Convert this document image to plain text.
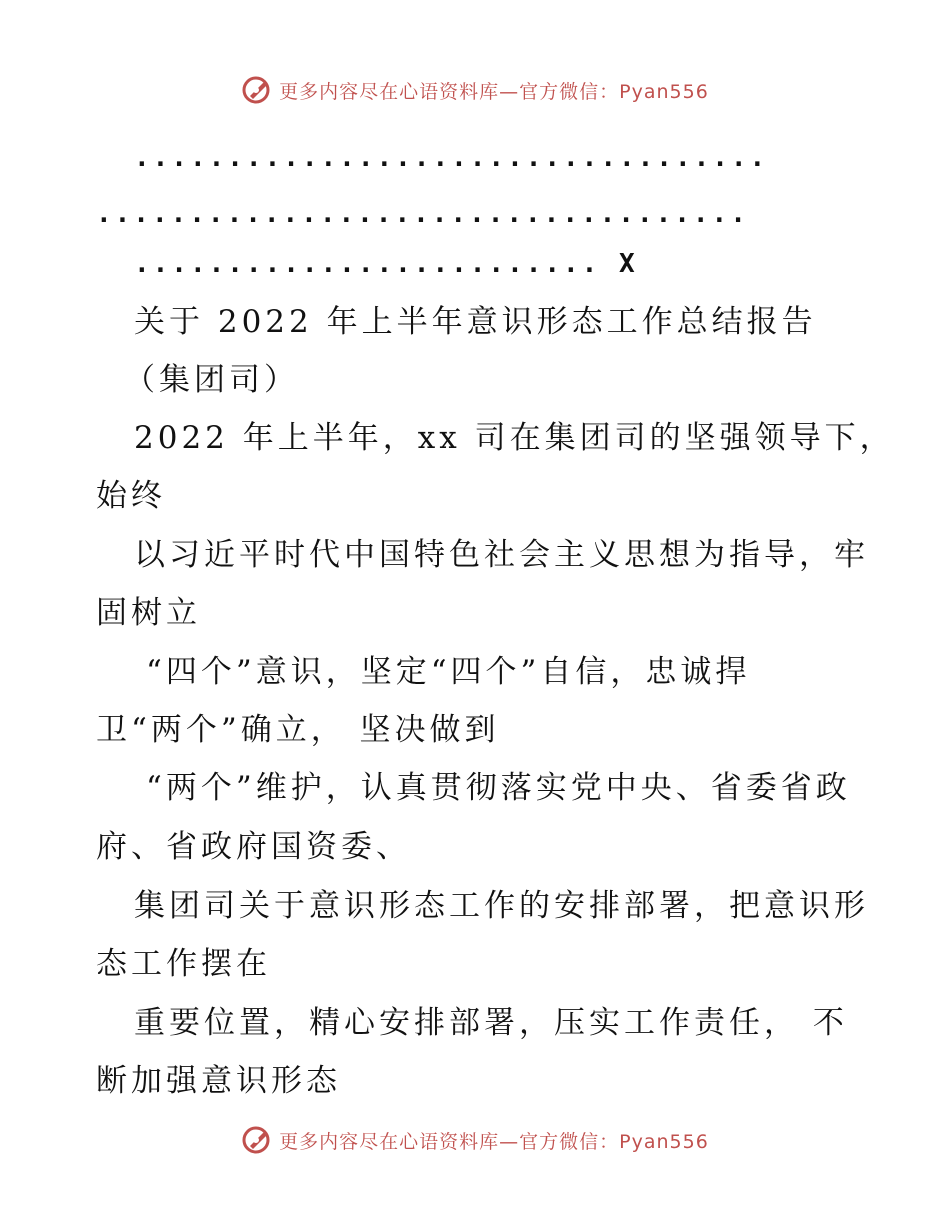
更多内容尽在心语资料库—官方微信：Pyan556
..................................
...................................
......................... X
关于 2022 年上半年意识形态工作总结报告
（集团司）
2022 年上半年，xx 司在集团司的坚强领导下，
始终
以习近平时代中国特色社会主义思想为指导，牢
固树立
“四个”意识，坚定“四个”自信，忠诚捍
卫“两个”确立， 坚决做到
“两个”维护，认真贯彻落实党中央、省委省政
府、省政府国资委、
集团司关于意识形态工作的安排部署，把意识形
态工作摆在
重要位置，精心安排部署，压实工作责任， 不
断加强意识形态
更多内容尽在心语资料库—官方微信：Pyan556
